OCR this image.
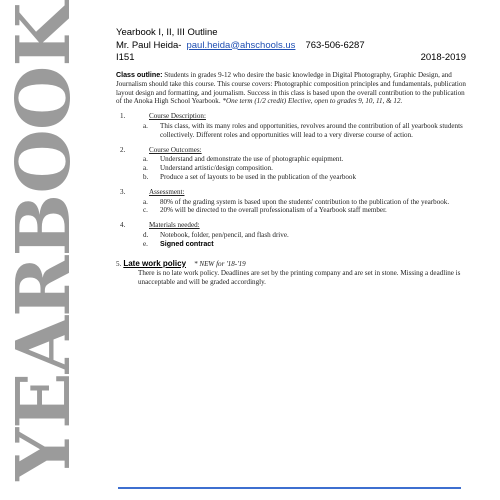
YEARBOOK	Yearbook I, II, III Outline
Mr. Paul Heida- paul.heida@ahschools.us 763-506-6287
I151	2018-2019

Class outline: Students in grades 9-12 who desire the basic knowledge in Digital Photography, Graphic Design, and Journalism should take this course. This course covers: Photographic composition principles and fundamentals, publication layout design and formatting, and journalism. Success in this class is based upon the overall contribution to the publication of the Anoka High School Yearbook. *One term (1/2 credit) Elective, open to grades 9, 10, 11, & 12.

1.	Course Description:
a.	This class, with its many roles and opportunities, revolves around the contribution of all yearbook students collectively. Different roles and opportunities will lead to a very diverse course of action.
2.	Course Outcomes:
a.	Understand and demonstrate the use of photographic equipment.
a.	Understand artistic/design composition.
b.	Produce a set of layouts to be used in the publication of the yearbook
3.	Assessment:
a.	80% of the grading system is based upon the students' contribution to the publication of the yearbook.
c.	20% will be directed to the overall professionalism of a Yearbook staff member.
4.	Materials needed:
d.	Notebook, folder, pen/pencil, and flash drive.
e.	Signed contract
5. Late work policy * NEW for '18-'19
There is no late work policy. Deadlines are set by the printing company and are set in stone. Missing a deadline is unacceptable and will be graded accordingly.
